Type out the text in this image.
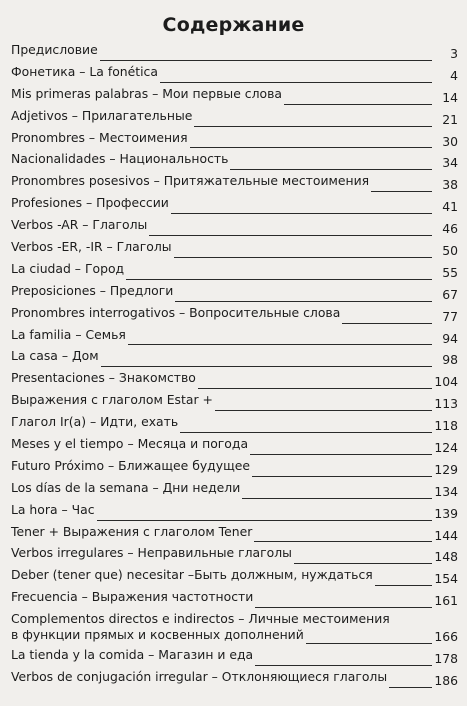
Содержание
Предисловие	3
Фонетика – La fonética	4
Mis primeras palabras – Мои первые слова	14
Adjetivos – Прилагательные	21
Pronombres – Местоимения	30
Nacionalidades – Национальность	34
Pronombres posesivos – Притяжательные местоимения	38
Profesiones – Профессии	41
Verbos -AR – Глаголы	46
Verbos -ER, -IR – Глаголы	50
La ciudad – Город	55
Preposiciones – Предлоги	67
Pronombres interrogativos – Вопросительные слова	77
La familia – Семья	94
La casa – Дом	98
Presentaciones – Знакомство	104
Выражения с глаголом Estar +	113
Глагол Ir(a) – Идти, ехать	118
Meses y el tiempo – Месяца и погода	124
Futuro Próximo – Ближащее будущее	129
Los días de la semana – Дни недели	134
La hora – Час	139
Tener + Выражения с глаголом Tener	144
Verbos irregulares – Неправильные глаголы	148
Deber (tener que) necesitar –Быть должным, нуждаться	154
Frecuencia – Выражения частотности	161
Complementos directos e indirectos – Личные местоимения
в функции прямых и косвенных дополнений	166
La tienda y la comida – Магазин и еда	178
Verbos de conjugación irregular – Отклоняющиеся глаголы	186
